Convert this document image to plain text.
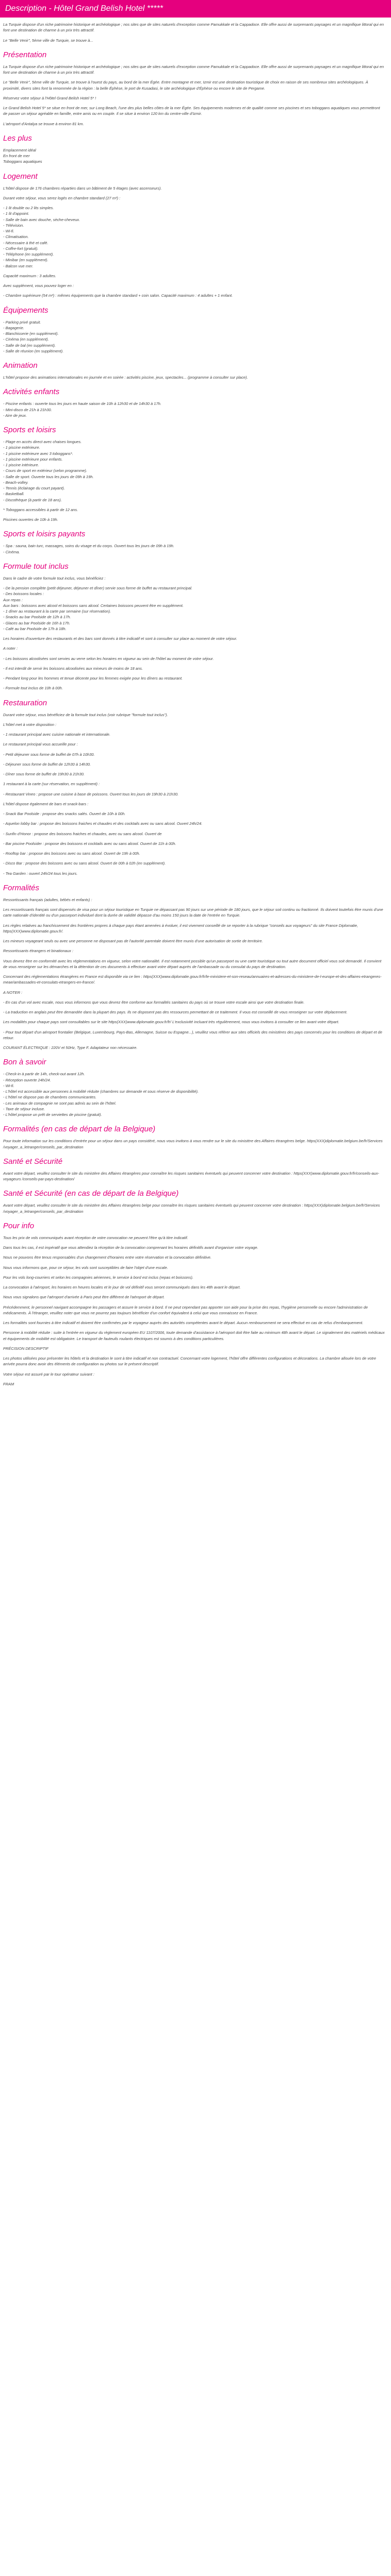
Description - Hôtel Grand Belish Hotel *****

La Turquie dispose d'un riche patrimoine historique et archéologique ; nos sites que de sites naturels d'exception comme Pamukkale et la Cappadoce. Elle offre aussi de surprenants paysages et un magnifique littoral qui en font une destination de charme à un prix très attractif.

Le "Belle Venir", 5ème ville de Turquie, se trouve à...

Présentation

La Turquie dispose d'un riche patrimoine historique et archéologique ; nos sites que de sites naturels d'exception comme Pamukkale et la Cappadoce. Elle offre aussi de surprenants paysages et un magnifique littoral qui en font une destination de charme à un prix très attractif.

Le "Belle Venir", 5ème ville de Turquie, se trouve à l'ouest du pays, au bord de la mer Égée. Entre montagne et mer, Izmir est une destination touristique de choix en raison de ses nombreux sites archéologiques. À proximité, divers sites font la renommée de la région : la belle Éphèse, le port de Kusadasi, le site archéologique d'Éphèse ou encore le site de Pergame.

Réservez votre séjour à l'Hôtel Grand Belish Hotel 5* !

Le Grand Belish Hotel 5* se situe en front de mer, sur Long Beach, l'une des plus belles côtes de la mer Égée. Ses équipements modernes et de qualité comme ses piscines et ses toboggans aquatiques vous permettront de passer un séjour agréable en famille, entre amis ou en couple. Il se situe à environ 120 km du centre-ville d'Izmir.

L'aéroport d'Antalya se trouve à environ 81 km.

Les plus
Emplacement idéal
En front de mer
Toboggans aquatiques
Logement

L'hôtel dispose de 176 chambres réparties dans un bâtiment de 5 étages (avec ascenseurs).

Durant votre séjour, vous serez logés en chambre standard (27 m²) :

- 1 lit double ou 2 lits simples.
- 1 lit d'appoint.
- Salle de bain avec douche, sèche-cheveux.
- Télévision.
- Wi-fi.
- Climatisation.
- Nécessaire à thé et café.
- Coffre-fort (gratuit).
- Téléphone (en supplément).
- Minibar (en supplément).
- Balcon vue mer.

Capacité maximum : 3 adultes.

Avec supplément, vous pouvez loger en :

- Chambre supérieure (54 m²) : mêmes équipements que la chambre standard + coin salon. Capacité maximum : 4 adultes + 1 enfant.

Équipements
- Parking privé gratuit.
- Bagagerie.
- Blanchisserie (en supplément).
- Cinéma (en supplément).
- Salle de bal (en supplément).
- Salle de réunion (en supplément).
Animation

L'hôtel propose des animations internationales en journée et en soirée : activités piscine, jeux, spectacles... (programme à consulter sur place).

Activités enfants
- Piscine enfants : ouverte tous les jours en haute saison de 10h à 12h30 et de 14h30 à 17h.
- Mini-disco de 21h à 21h30.
- Aire de jeux.
Sports et loisirs
- Plage en accès direct avec chaises longues.
- 1 piscine extérieure.
- 1 piscine extérieure avec 3 toboggans*.
- 1 piscine extérieure pour enfants.
- 1 piscine intérieure.
- Cours de sport en extérieur (selon programme).
- Salle de sport. Ouverte tous les jours de 09h à 19h.
- Beach-volley.
- Tennis (éclairage du court payant).
- Basketball.
- Discothèque (à partir de 18 ans).

* Toboggans accessibles à partir de 12 ans.

Piscines ouvertes de 10h à 19h.

Sports et loisirs payants
- Spa : sauna, bain turc, massages, soins du visage et du corps. Ouvert tous les jours de 09h à 19h.
- Cinéma.
Formule tout inclus

Dans le cadre de votre formule tout inclus, vous bénéficiez :

- De la pension complète (petit déjeuner, déjeuner et dîner) servie sous forme de buffet au restaurant principal.
- Des boissons locales :
Aux repas :
Aux bars : boissons avec alcool et boissons sans alcool. Certaines boissons peuvent être en supplément.
- 1 dîner au restaurant à la carte par semaine (sur réservation).
- Snacks au bar Poolside de 12h à 17h.
- Glaces au bar Poolside de 16h à 17h.
- Café au bar Poolside de 17h à 18h.

Les horaires d'ouverture des restaurants et des bars sont donnés à titre indicatif et sont à consulter sur place au moment de votre séjour.

A noter :

- Les boissons alcoolisées sont servies au verre selon les horaires en vigueur au sein de l'hôtel au moment de votre séjour.

- Il est interdit de servir les boissons alcoolisées aux mineurs de moins de 18 ans.

- Pendant long pour les hommes et tenue décente pour les femmes exigée pour les dîners au restaurant.

- Formule tout inclus de 10h à 00h.

Restauration

Durant votre séjour, vous bénéficiez de la formule tout inclus (voir rubrique "formule tout inclus").

L'hôtel met à votre disposition :

- 1 restaurant principal avec cuisine nationale et internationale.

Le restaurant principal vous accueille pour :

- Petit déjeuner sous forme de buffet de 07h à 10h30.

- Déjeuner sous forme de buffet de 12h30 à 14h30.

- Dîner sous forme de buffet de 19h30 à 21h30.

1 restaurant à la carte (sur réservation, en supplément) :

- Restaurant Vineo : propose une cuisine à base de poissons. Ouvert tous les jours de 19h30 à 21h30.

L'hôtel dispose également de bars et snack-bars :

- Snack Bar Poolside : propose des snacks salés. Ouvert de 10h à 00h.

- Aquelon lobby bar : propose des boissons fraiches et chaudes et des cocktails avec ou sans alcool. Ouvert 24h/24.

- Sunfin d'Honor : propose des boissons fraiches et chaudes, avec ou sans alcool. Ouvert de

- Bar piscine Poolsider : propose des boissons et cocktails avec ou sans alcool. Ouvert de 11h à 00h.

- Rooftop bar : propose des boissons avec ou sans alcool. Ouvert de 19h à 00h.

- Disco Bar : propose des boissons avec ou sans alcool. Ouvert de 00h à 02h (en supplément).

- Tea Garden : ouvert 24h/24 tous les jours.

Formalités

Ressortissants français (adultes, bébés et enfants) :

Les ressortissants français sont dispensés de visa pour un séjour touristique en Turquie ne dépassant pas 90 jours sur une période de 180 jours, que le séjour soit continu ou fractionné. Ils doivent toutefois être munis d'une carte nationale d'identité ou d'un passeport individuel dont la durée de validité dépasse d'au moins 150 jours la date de l'entrée en Turquie.

Les règles relatives au franchissement des frontières propres à chaque pays étant amenées à évoluer, il est vivement conseillé de se reporter à la rubrique "conseils aux voyageurs" du site France Diplomatie, https(XXX)www.diplomatie.gouv.fr/.

Les mineurs voyageant seuls ou avec une personne ne disposant pas de l'autorité parentale doivent être munis d'une autorisation de sortie de territoire.

Ressortissants étrangers et binationaux :

Vous devrez être en conformité avec les réglementations en vigueur, selon votre nationalité. Il est notamment possible qu'un passeport ou une carte touristique ou tout autre document officiel vous soit demandé. Il convient de vous renseigner sur les démarches et la détention de ces documents à effectuer avant votre départ auprès de l'ambassade ou du consulat du pays de destination.

Concernant des réglementations étrangères en France est disponible via ce lien : https(XXX)www.diplomatie.gouv.fr/fr/le-ministere-et-son-reseau/annuaires-et-adresses-du-ministere-de-l-europe-et-des-affaires-etrangeres-meae/ambassades-et-consulats-etrangers-en-france/.

A NOTER :

- En cas d'un vol avec escale, nous vous informons que vous devrez être conforme aux formalités sanitaires du pays où se trouve votre escale ainsi que votre destination finale.

- La traduction en anglais peut être demandée dans la plupart des pays. Ils ne disposent pas des ressources permettant de ce traitement. Il vous est conseillé de vous renseigner sur votre déplacement.

Les modalités pour chaque pays sont consultables sur le site https(XXX)www.diplomatie.gouv.fr/fr/ L'exclusivité incluant très régulièrement, nous vous invitons à consulter ce lien avant votre départ.

- Pour tout départ d'un aéroport frontalier (Belgique, Luxembourg, Pays-Bas, Allemagne, Suisse ou Espagne...), veuillez vous référer aux sites officiels des ministères des pays concernés pour les conditions de départ et de retour.

COURANT ÉLECTRIQUE : 220V et 50Hz, Type F. Adaptateur non nécessaire.

Bon à savoir
- Check-in à partir de 14h, check-out avant 12h.
- Réception ouverte 24h/24.
- Wi-fi.
- L'hôtel est accessible aux personnes à mobilité réduite (chambres sur demande et sous réserve de disponibilité).
- L'hôtel ne dispose pas de chambres communicantes.
- Les animaux de compagnie ne sont pas admis au sein de l'hôtel.
- Taxe de séjour incluse.
- L'hôtel propose un prêt de serviettes de piscine (gratuit).
Formalités (en cas de départ de la Belgique)

Pour toute information sur les conditions d'entrée pour un séjour dans un pays considéré, nous vous invitons à vous rendre sur le site du ministère des Affaires étrangères belge. https(XXX)diplomatie.belgium.be/fr/Services /voyager_a_letranger/conseils_par_destination

Santé et Sécurité

Avant votre départ, veuillez consulter le site du ministère des Affaires étrangères pour connaître les risques sanitaires éventuels qui peuvent concerner votre destination : https(XXX)www.diplomatie.gouv.fr/fr/conseils-aux-voyageurs /conseils-par-pays-destination/

Santé et Sécurité (en cas de départ de la Belgique)

Avant votre départ, veuillez consulter le site du ministère des Affaires étrangères belge pour connaître les risques sanitaires éventuels qui peuvent concerner votre destination : https(XXX)diplomatie.belgium.be/fr/Services /voyager_a_letranger/conseils_par_destination

Pour info

Tous les prix de vols communiqués avant réception de votre convocation ne peuvent l'être qu'à titre indicatif.

Dans tous les cas, il est impératif que vous attendiez la réception de la convocation comprenant les horaires définitifs avant d'organiser votre voyage.

Nous ne pouvons être tenus responsables d'un changement d'horaires entre votre réservation et la convocation définitive.

Nous vous informons que, pour ce séjour, les vols sont susceptibles de faire l'objet d'une escale.

Pour les vols long-courriers et selon les compagnies aériennes, le service à bord est inclus (repas et boissons).

La convocation à l'aéroport, les horaires en heures locales et le jour de vol définitif vous seront communiqués dans les 48h avant le départ.

Nous vous signalons que l'aéroport d'arrivée à Paris peut être différent de l'aéroport de départ.

Précédemment, le personnel navigant accompagne les passagers et assure le service à bord. Il ne peut cependant pas apporter son aide pour la prise des repas, l'hygiène personnelle ou encore l'administration de médicaments. À l'étranger, veuillez noter que vous ne pourrez pas toujours bénéficier d'un confort équivalent à celui que vous connaissez en France.

Les formalités sont fournies à titre indicatif et doivent être confirmées par le voyageur auprès des autorités compétentes avant le départ. Aucun remboursement ne sera effectué en cas de refus d'embarquement.

Personne à mobilité réduite : suite à l'entrée en vigueur du règlement européen EU 1107/2006, toute demande d'assistance à l'aéroport doit être faite au minimum 48h avant le départ. Le signalement des matériels médicaux et équipements de mobilité est obligatoire. Le transport de fauteuils roulants électriques est soumis à des conditions particulières.

PRÉCISION DESCRIPTIF

Les photos utilisées pour présenter les hôtels et la destination le sont à titre indicatif et non contractuel. Concernant votre logement, l'hôtel offre différentes configurations et décorations. La chambre allouée lors de votre arrivée pourra donc avoir des éléments de configuration ou photos sur le présent descriptif.

Votre séjour est assuré par le tour opérateur suivant :

FRAM
